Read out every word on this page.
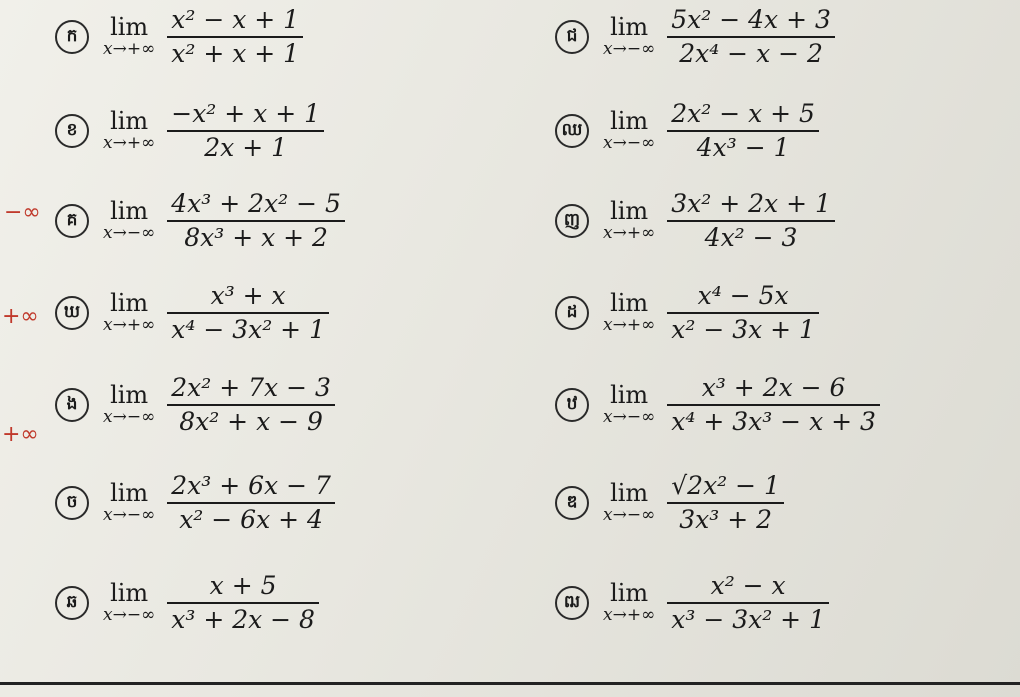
ក	lim
$x\to+\infty \frac{\text{x² − x + 1}}{\text{x² + x + 1}}$
ខ	lim
$x\to+\infty \frac{\text{−x² + x + 1}}{2x + 1}$
គ	lim
$x\to-\infty \frac{\text{4x³ + 2x² − 5}}{\text{8x³ + x + 2}}$
ឃ	lim
$x\to+\infty \frac{\text{x³ + x}}{\text{x⁴ − 3x² + 1}}$
ង	lim
$x\to-\infty \frac{\text{2x² + 7x − 3}}{\text{8x² + x − 9}}$
ច	lim
$x\to-\infty \frac{\text{2x³ + 6x − 7}}{\text{x² − 6x + 4}}$
ឆ	lim
$x\to-\infty \frac{x + 5}{\text{x³ + 2x − 8}}$
ជ	lim
$x\to-\infty \frac{\text{5x² − 4x + 3}}{\text{2x⁴ − x − 2}}$
ឈ lim
$x\to-\infty \frac{\text{2x² − x + 5}}{\text{4x³ − 1}}$
ញ	lim
$x\to+\infty \frac{\text{3x² + 2x + 1}}{\text{4x² − 3}}$
ដ	lim
$x\to+\infty \frac{\text{x⁴ − 5x}}{\text{x² − 3x + 1}}$
ឋ	lim
$x\to-\infty \frac{\text{x³ + 2x − 6}}{\text{x⁴ + 3x³ − x + 3}}$
ឌ	lim
$x\to-\infty \frac{\text{√2x² − 1}}{\text{3x³ + 2}}$
ឍ	lim
$x\to+\infty \frac{\text{x² − x}}{\text{x³ − 3x² + 1}}$
−∞
+∞
+∞
